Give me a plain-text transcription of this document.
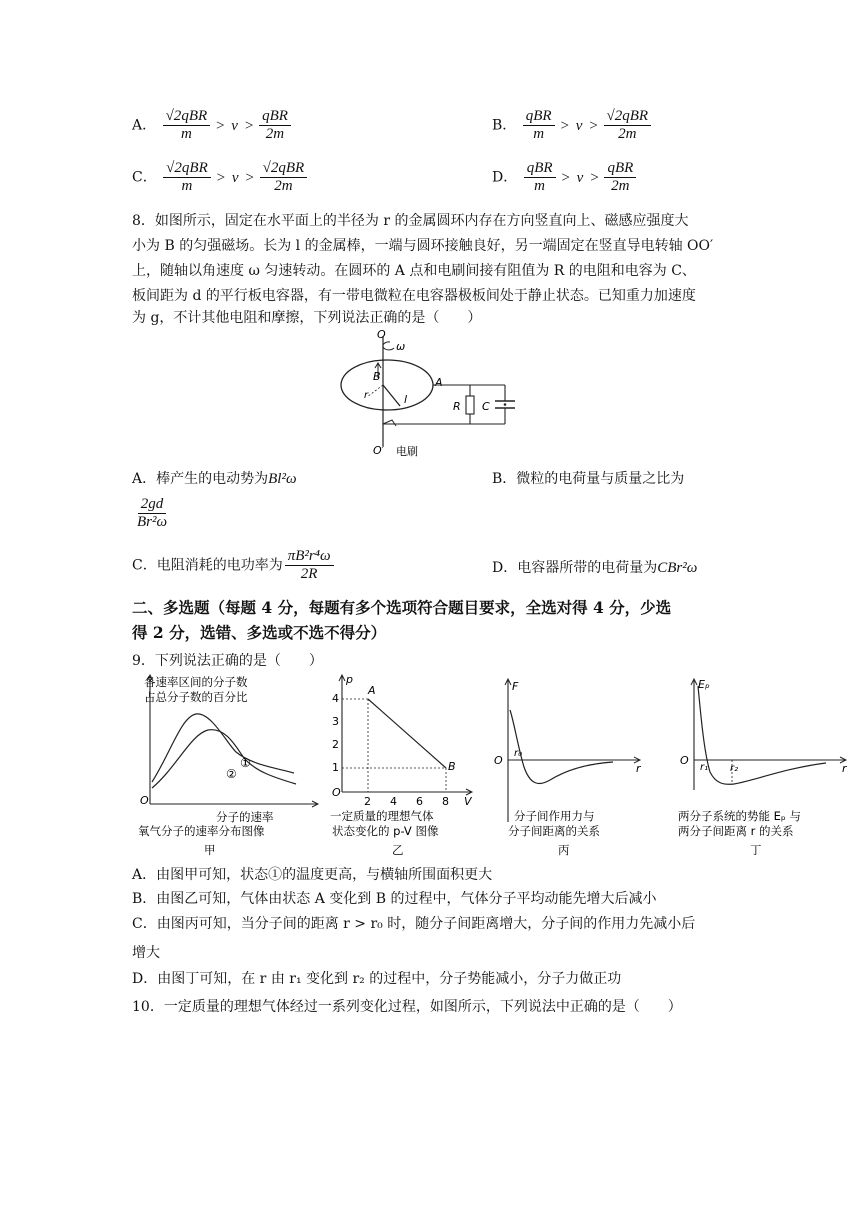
A． $\frac{\text{√2qBR}}{m} > v > \frac{\text{qBR}}{2m}$	B． $\frac{\text{qBR}}{m} > v > \frac{\text{√2qBR}}{2m}$
C． $\frac{\text{√2qBR}}{m} > v > \frac{\text{√2qBR}}{2m}$	D． $\frac{\text{qBR}}{m} > v > \frac{\text{qBR}}{2m}$
8．如图所示，固定在水平面上的半径为 r 的金属圆环内存在方向竖直向上、磁感应强度大
小为 B 的匀强磁场。长为 l 的金属棒，一端与圆环接触良好，另一端固定在竖直导电转轴 OO′
上，随轴以角速度 ω 匀速转动。在圆环的 A 点和电刷间接有阻值为 R 的电阻和电容为 C、
板间距为 d 的平行板电容器，有一带电微粒在电容器极板间处于静止状态。已知重力加速度
为 g，不计其他电阻和摩擦，下列说法正确的是（　　）
O
ω
B
l
r
A
R C
O′ 电刷
A．棒产生的电动势为Bl²ω	B．微粒的电荷量与质量之比为
$\frac{2gd}{\text{Br²ω}}$
C．电阻消耗的电功率为 $\frac{\text{πB²r⁴ω}}{2R}$	D．电容器所带的电荷量为CBr²ω
二、多选题（每题 4 分，每题有多个选项符合题目要求，全选对得 4 分，少选
得 2 分，选错、多选或不选不得分）
9．下列说法正确的是（　　）
各速率区间的分子数
占总分子数的百分比
①
②
O
分子的速率
氧气分子的速率分布图像
甲
p
4
3
2
1
A
B
O
2 4 6 8 V
一定质量的理想气体
状态变化的 p-V 图像
乙
F
O
r₀
r
分子间作用力与
分子间距离的关系
丙
Eₚ
O
r₁ r₂	r
两分子系统的势能 Eₚ 与
两分子间距离 r 的关系
丁
A．由图甲可知，状态①的温度更高，与横轴所围面积更大
B．由图乙可知，气体由状态 A 变化到 B 的过程中，气体分子平均动能先增大后减小
C．由图丙可知，当分子间的距离 r > r₀ 时，随分子间距离增大，分子间的作用力先减小后
增大
D．由图丁可知，在 r 由 r₁ 变化到 r₂ 的过程中，分子势能减小，分子力做正功
10．一定质量的理想气体经过一系列变化过程，如图所示，下列说法中正确的是（　　）
